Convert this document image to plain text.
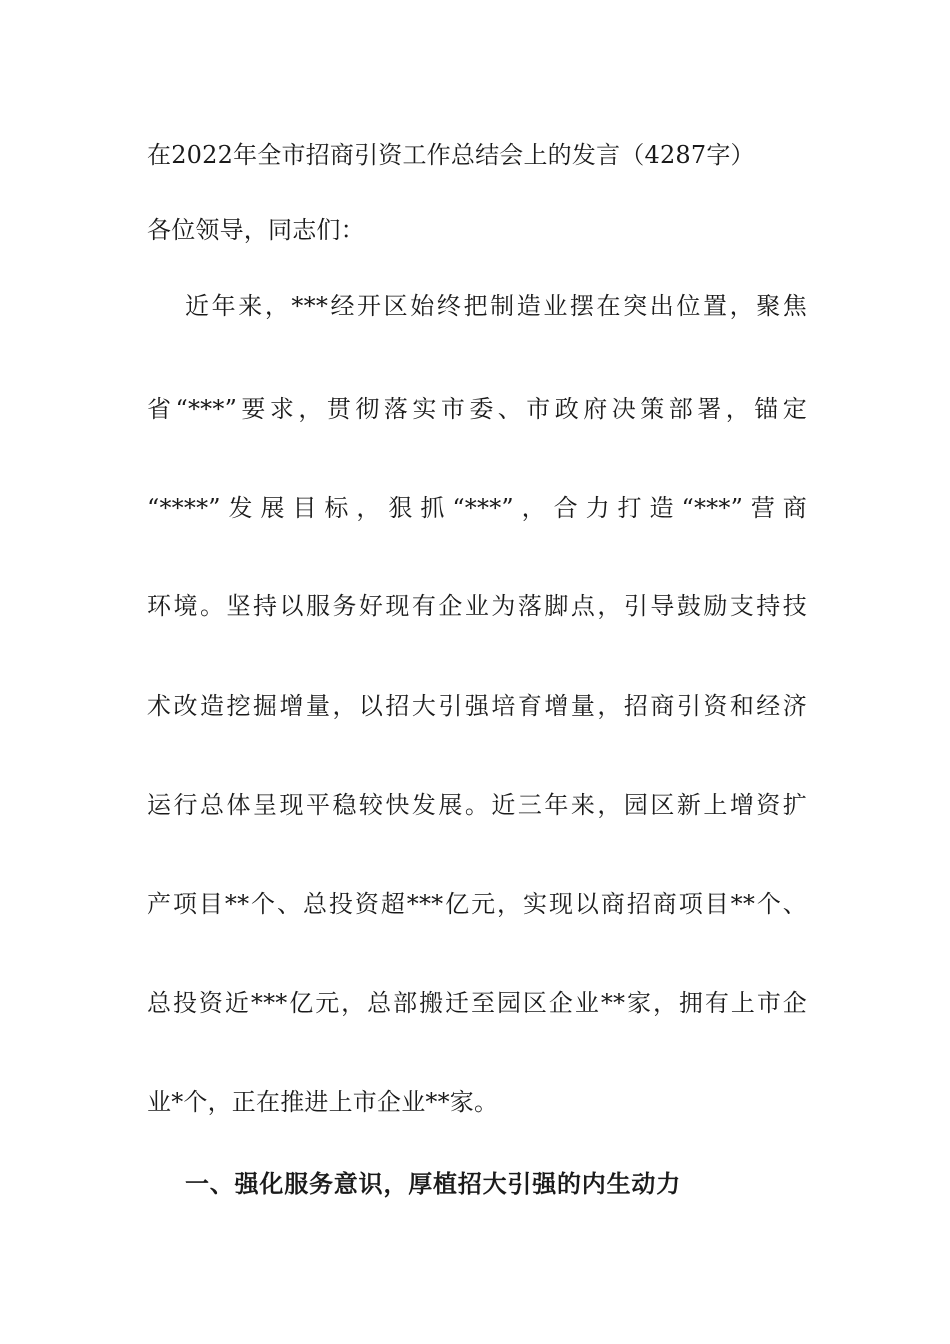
在2022年全市招商引资工作总结会上的发言（4287字）
各位领导，同志们：
近年来，***经开区始终把制造业摆在突出位置，聚焦
省“***”要求，贯彻落实市委、市政府决策部署，锚定
“****”发展目标，狠抓“***”，合力打造“***”营商
环境。坚持以服务好现有企业为落脚点，引导鼓励支持技
术改造挖掘增量，以招大引强培育增量，招商引资和经济
运行总体呈现平稳较快发展。近三年来，园区新上增资扩
产项目**个、总投资超***亿元，实现以商招商项目**个、
总投资近***亿元，总部搬迁至园区企业**家，拥有上市企
业*个，正在推进上市企业**家。
一、强化服务意识，厚植招大引强的内生动力
